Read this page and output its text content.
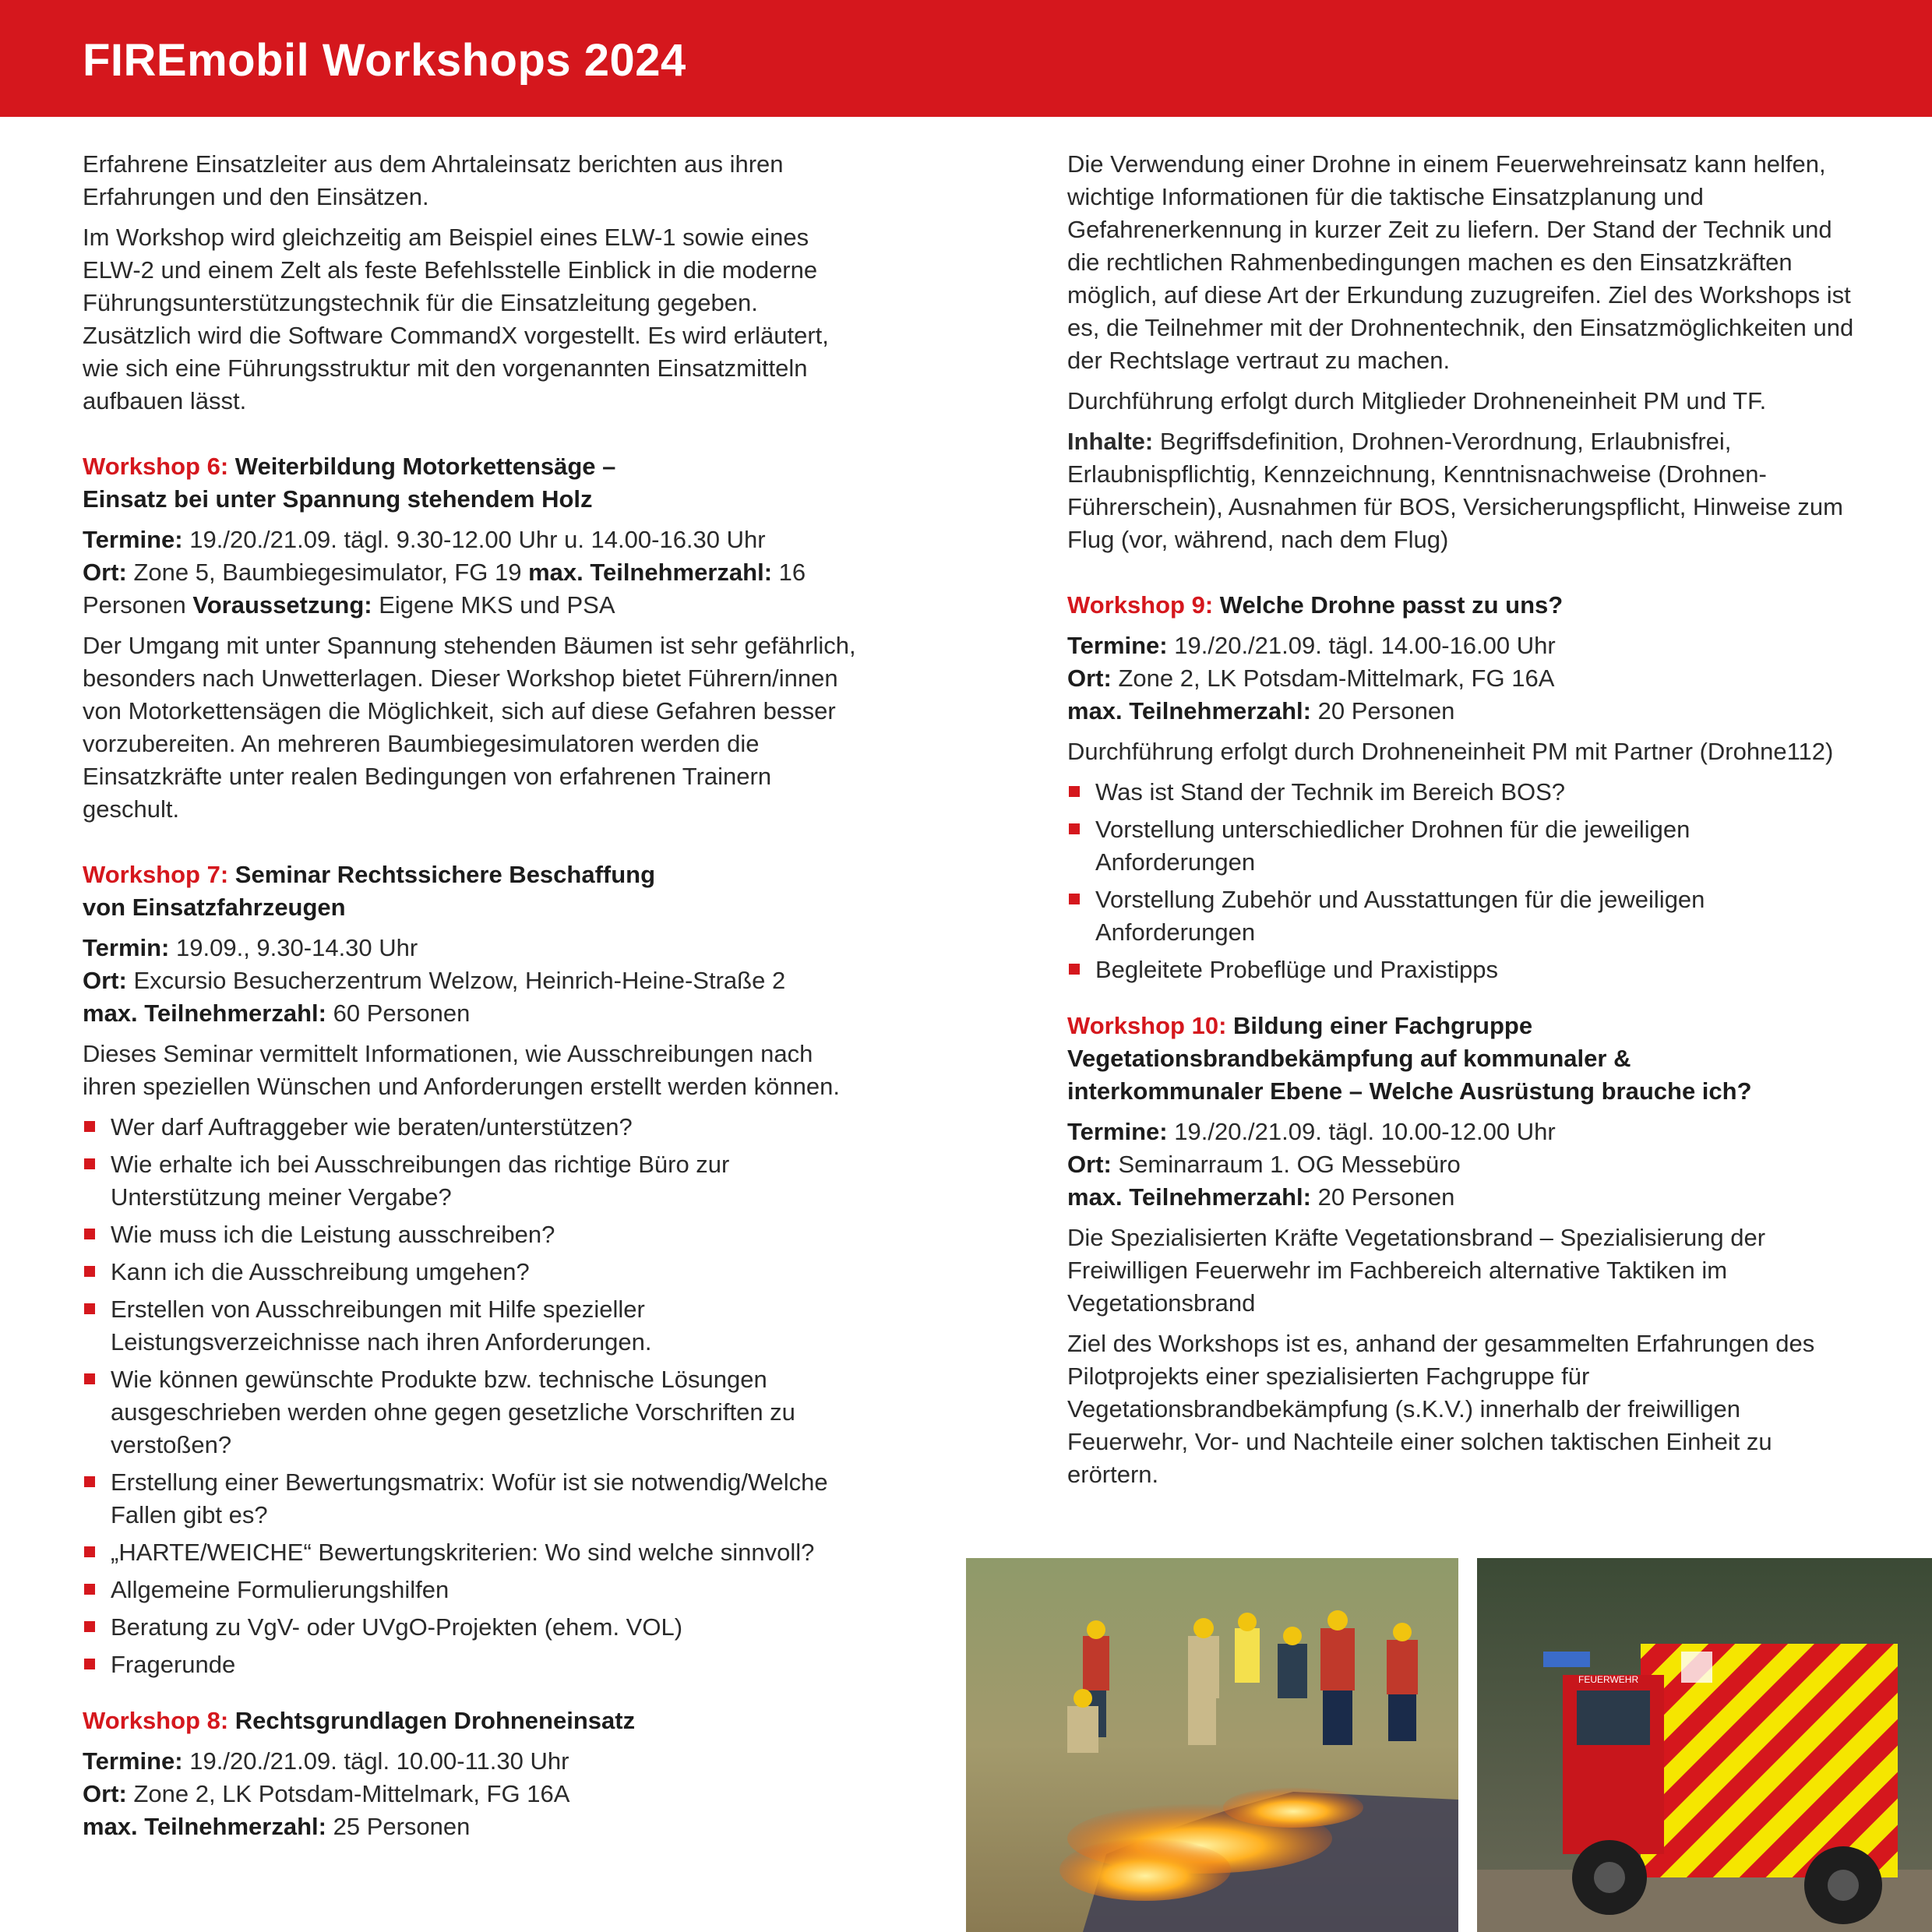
FIREmobil Workshops 2024

Erfahrene Einsatzleiter aus dem Ahrtaleinsatz berichten aus ihren Erfahrungen und den Einsätzen.

Im Workshop wird gleichzeitig am Beispiel eines ELW-1 sowie eines ELW-2 und einem Zelt als feste Befehlsstelle Einblick in die moderne Führungsunterstützungstechnik für die Einsatzleitung gegeben. Zusätzlich wird die Software CommandX vorgestellt. Es wird erläutert, wie sich eine Führungsstruktur mit den vorgenannten Einsatzmitteln aufbauen lässt.

Workshop 6: Weiterbildung Motorkettensäge – Einsatz bei unter Spannung stehendem Holz
Termine: 19./20./21.09. tägl. 9.30-12.00 Uhr u. 14.00-16.30 Uhr
Ort: Zone 5, Baumbiegesimulator, FG 19 max. Teilnehmerzahl: 16 Personen Voraussetzung: Eigene MKS und PSA

Der Umgang mit unter Spannung stehenden Bäumen ist sehr gefährlich, besonders nach Unwetterlagen. Dieser Workshop bietet Führern/innen von Motorkettensägen die Möglichkeit, sich auf diese Gefahren besser vorzubereiten. An mehreren Baumbiegesimulatoren werden die Einsatzkräfte unter realen Bedingungen von erfahrenen Trainern geschult.

Workshop 7: Seminar Rechtssichere Beschaffung von Einsatzfahrzeugen
Termin: 19.09., 9.30-14.30 Uhr
Ort: Excursio Besucherzentrum Welzow, Heinrich-Heine-Straße 2
max. Teilnehmerzahl: 60 Personen

Dieses Seminar vermittelt Informationen, wie Ausschreibungen nach ihren speziellen Wünschen und Anforderungen erstellt werden können.

Wer darf Auftraggeber wie beraten/unterstützen?
Wie erhalte ich bei Ausschreibungen das richtige Büro zur Unterstützung meiner Vergabe?
Wie muss ich die Leistung ausschreiben?
Kann ich die Ausschreibung umgehen?
Erstellen von Ausschreibungen mit Hilfe spezieller Leistungsverzeichnisse nach ihren Anforderungen.
Wie können gewünschte Produkte bzw. technische Lösungen ausgeschrieben werden ohne gegen gesetzliche Vorschriften zu verstoßen?
Erstellung einer Bewertungsmatrix: Wofür ist sie notwendig/Welche Fallen gibt es?
„HARTE/WEICHE“ Bewertungskriterien: Wo sind welche sinnvoll?
Allgemeine Formulierungshilfen
Beratung zu VgV- oder UVgO-Projekten (ehem. VOL)
Fragerunde
Workshop 8: Rechtsgrundlagen Drohneneinsatz
Termine: 19./20./21.09. tägl. 10.00-11.30 Uhr
Ort: Zone 2, LK Potsdam-Mittelmark, FG 16A
max. Teilnehmerzahl: 25 Personen

Die Verwendung einer Drohne in einem Feuerwehreinsatz kann helfen, wichtige Informationen für die taktische Einsatzplanung und Gefahrenerkennung in kurzer Zeit zu liefern. Der Stand der Technik und die rechtlichen Rahmenbedingungen machen es den Einsatzkräften möglich, auf diese Art der Erkundung zuzugreifen. Ziel des Workshops ist es, die Teilnehmer mit der Drohnentechnik, den Einsatzmöglichkeiten und der Rechtslage vertraut zu machen.

Durchführung erfolgt durch Mitglieder Drohneneinheit PM und TF.

Inhalte: Begriffsdefinition, Drohnen-Verordnung, Erlaubnisfrei, Erlaubnispflichtig, Kennzeichnung, Kenntnisnachweise (Drohnen-Führerschein), Ausnahmen für BOS, Versicherungspflicht, Hinweise zum Flug (vor, während, nach dem Flug)

Workshop 9: Welche Drohne passt zu uns?
Termine: 19./20./21.09. tägl. 14.00-16.00 Uhr
Ort: Zone 2, LK Potsdam-Mittelmark, FG 16A
max. Teilnehmerzahl: 20 Personen

Durchführung erfolgt durch Drohneneinheit PM mit Partner (Drohne112)

Was ist Stand der Technik im Bereich BOS?
Vorstellung unterschiedlicher Drohnen für die jeweiligen Anforderungen
Vorstellung Zubehör und Ausstattungen für die jeweiligen Anforderungen
Begleitete Probeflüge und Praxistipps
Workshop 10: Bildung einer Fachgruppe Vegetationsbrandbekämpfung auf kommunaler & interkommunaler Ebene – Welche Ausrüstung brauche ich?
Termine: 19./20./21.09. tägl. 10.00-12.00 Uhr
Ort: Seminarraum 1. OG Messebüro
max. Teilnehmerzahl: 20 Personen

Die Spezialisierten Kräfte Vegetationsbrand – Spezialisierung der Freiwilligen Feuerwehr im Fachbereich alternative Taktiken im Vegetationsbrand

Ziel des Workshops ist es, anhand der gesammelten Erfahrungen des Pilotprojekts einer spezialisierten Fachgruppe für Vegetationsbrandbekämpfung (s.K.V.) innerhalb der freiwilligen Feuerwehr, Vor- und Nachteile einer solchen taktischen Einheit zu erörtern.

FEUERWEHR
